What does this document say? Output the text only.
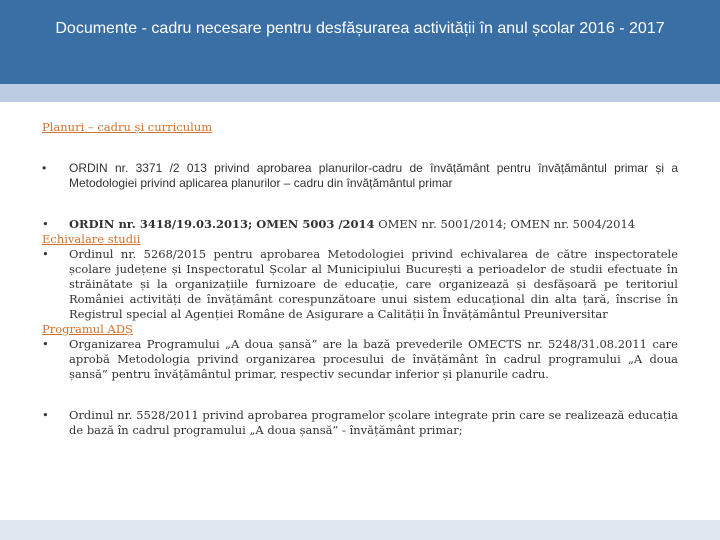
Documente - cadru necesare pentru desfășurarea activității în anul școlar 2016 - 2017
Planuri – cadru și curriculum
• ORDIN nr. 3371 /2 013 privind aprobarea planurilor-cadru de învățământ pentru învățământul primar și a Metodologiei privind aplicarea planurilor – cadru din învățământul primar
• ORDIN nr. 3418/19.03.2013; OMEN 5003 /2014 OMEN nr. 5001/2014; OMEN nr. 5004/2014
Echivalare studii
• Ordinul nr. 5268/2015 pentru aprobarea Metodologiei privind echivalarea de către inspectoratele școlare județene și Inspectoratul Școlar al Municipiului București a perioadelor de studii efectuate în străinătate și la organizațiile furnizoare de educație, care organizează și desfășoară pe teritoriul României activități de învățământ corespunzătoare unui sistem educațional din alta țară, înscrise în Registrul special al Agenției Române de Asigurare a Calității în Învățământul Preuniversitar
Programul ADȘ
• Organizarea Programului „A doua șansă” are la bază prevederile OMECTS nr. 5248/31.08.2011 care aprobă Metodologia privind organizarea procesului de învățământ în cadrul programului „A doua șansă” pentru învățământul primar, respectiv secundar inferior și planurile cadru.
• Ordinul nr. 5528/2011 privind aprobarea programelor școlare integrate prin care se realizează educația de bază în cadrul programului „A doua șansă” - învățământ primar;
